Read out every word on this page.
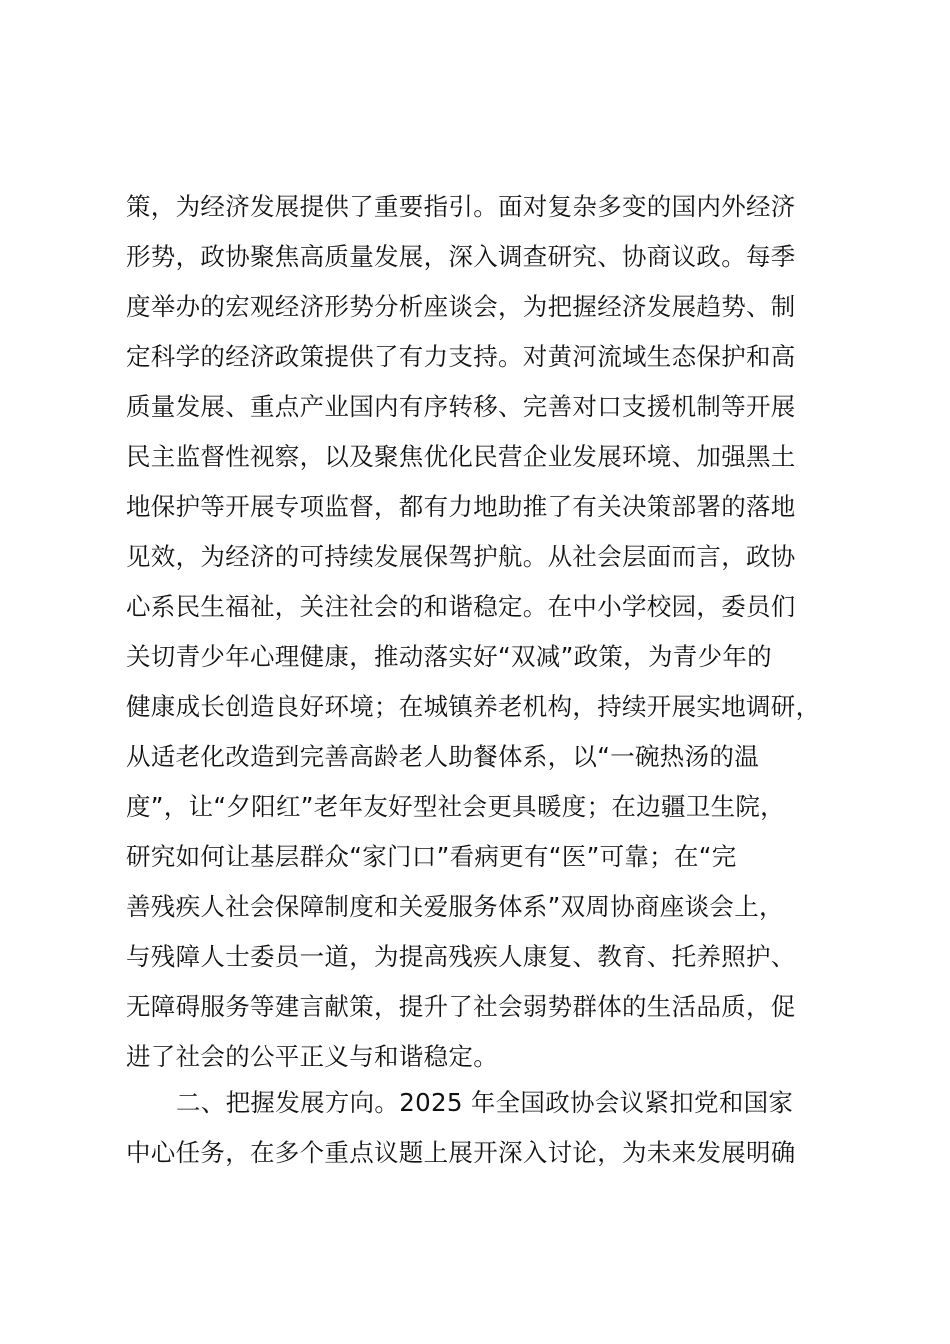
策，为经济发展提供了重要指引。面对复杂多变的国内外经济
形势，政协聚焦高质量发展，深入调查研究、协商议政。每季
度举办的宏观经济形势分析座谈会，为把握经济发展趋势、制
定科学的经济政策提供了有力支持。对黄河流域生态保护和高
质量发展、重点产业国内有序转移、完善对口支援机制等开展
民主监督性视察，以及聚焦优化民营企业发展环境、加强黑土
地保护等开展专项监督，都有力地助推了有关决策部署的落地
见效，为经济的可持续发展保驾护航。从社会层面而言，政协
心系民生福祉，关注社会的和谐稳定。在中小学校园，委员们
关切青少年心理健康，推动落实好“双减”政策，为青少年的
健康成长创造良好环境；在城镇养老机构，持续开展实地调研，
从适老化改造到完善高龄老人助餐体系，以“一碗热汤的温
度”，让“夕阳红”老年友好型社会更具暖度；在边疆卫生院，
研究如何让基层群众“家门口”看病更有“医”可靠；在“完
善残疾人社会保障制度和关爱服务体系”双周协商座谈会上，
与残障人士委员一道，为提高残疾人康复、教育、托养照护、
无障碍服务等建言献策，提升了社会弱势群体的生活品质，促
进了社会的公平正义与和谐稳定。
二、把握发展方向。2025 年全国政协会议紧扣党和国家
中心任务，在多个重点议题上展开深入讨论，为未来发展明确
